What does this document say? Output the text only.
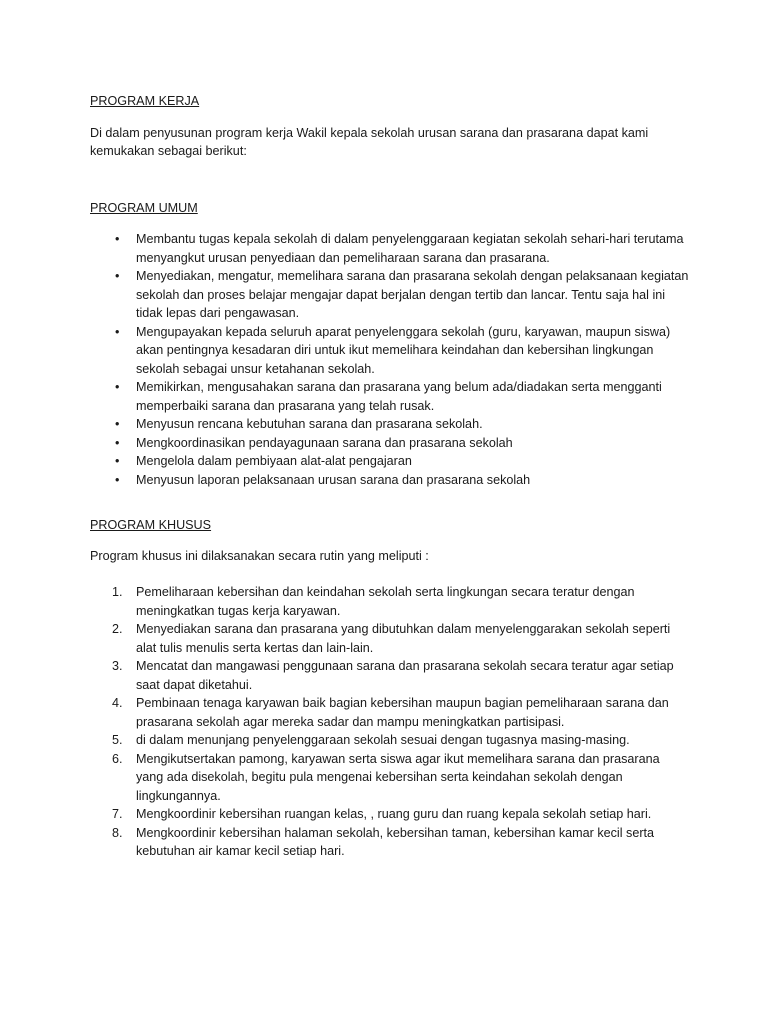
PROGRAM KERJA

Di dalam penyusunan program kerja Wakil kepala sekolah urusan sarana dan prasarana dapat kami kemukakan sebagai berikut:

PROGRAM UMUM

• Membantu tugas kepala sekolah di dalam penyelenggaraan kegiatan sekolah sehari-hari terutama menyangkut urusan penyediaan dan pemeliharaan sarana dan prasarana.
• Menyediakan, mengatur, memelihara sarana dan prasarana sekolah dengan pelaksanaan kegiatan sekolah dan proses belajar mengajar dapat berjalan dengan tertib dan lancar. Tentu saja hal ini tidak lepas dari pengawasan.
• Mengupayakan kepada seluruh aparat penyelenggara sekolah (guru, karyawan, maupun siswa) akan pentingnya kesadaran diri untuk ikut memelihara keindahan dan kebersihan lingkungan sekolah sebagai unsur ketahanan sekolah.
• Memikirkan, mengusahakan sarana dan prasarana yang belum ada/diadakan serta mengganti memperbaiki sarana dan prasarana yang telah rusak.
• Menyusun rencana kebutuhan sarana dan prasarana sekolah.
• Mengkoordinasikan pendayagunaan sarana dan prasarana sekolah
• Mengelola dalam pembiyaan alat-alat pengajaran
• Menyusun laporan pelaksanaan urusan sarana dan prasarana sekolah

PROGRAM KHUSUS

Program khusus ini dilaksanakan secara rutin yang meliputi :

1. Pemeliharaan kebersihan dan keindahan sekolah serta lingkungan secara teratur dengan meningkatkan tugas kerja karyawan.
2. Menyediakan sarana dan prasarana yang dibutuhkan dalam menyelenggarakan sekolah seperti alat tulis menulis serta kertas dan lain-lain.
3. Mencatat dan mangawasi penggunaan sarana dan prasarana sekolah secara teratur agar setiap saat dapat diketahui.
4. Pembinaan tenaga karyawan baik bagian kebersihan maupun bagian pemeliharaan sarana dan prasarana sekolah agar mereka sadar dan mampu meningkatkan partisipasi.
5. di dalam menunjang penyelenggaraan sekolah sesuai dengan tugasnya masing-masing.
6. Mengikutsertakan pamong, karyawan serta siswa agar ikut memelihara sarana dan prasarana yang ada disekolah, begitu pula mengenai kebersihan serta keindahan sekolah dengan lingkungannya.
7. Mengkoordinir kebersihan ruangan kelas, , ruang guru dan ruang kepala sekolah setiap hari.
8. Mengkoordinir kebersihan halaman sekolah, kebersihan taman, kebersihan kamar kecil serta kebutuhan air kamar kecil setiap hari.
